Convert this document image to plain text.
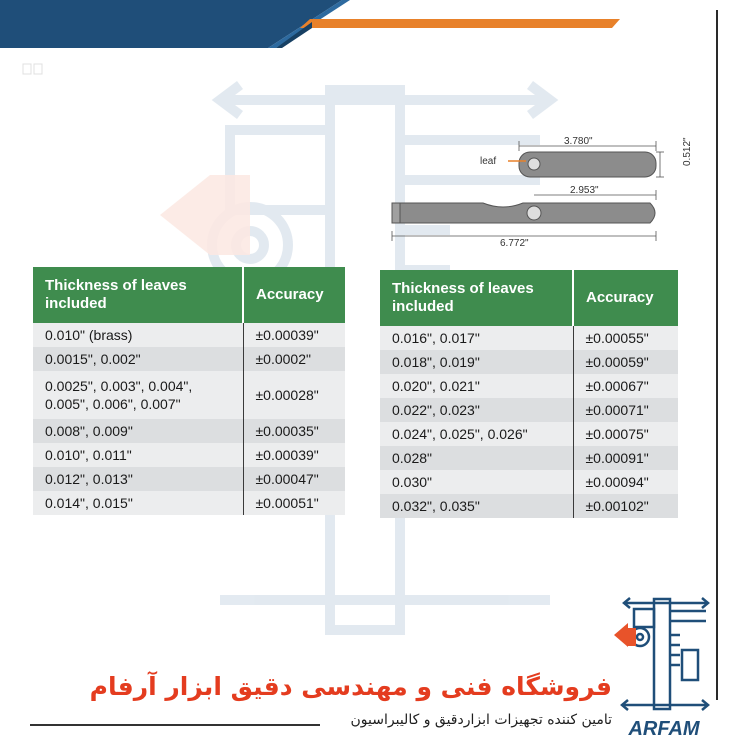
3.780"
leaf	0.512"
2.953"
6.772"
Thickness of leaves included	Accuracy
0.010" (brass)	±0.00039"
0.0015", 0.002"	±0.0002"
0.0025", 0.003", 0.004", 0.005", 0.006", 0.007"	±0.00028"
0.008", 0.009"	±0.00035"
0.010", 0.011"	±0.00039"
0.012", 0.013"	±0.00047"
0.014", 0.015"	±0.00051"
Thickness of leaves included	Accuracy
0.016", 0.017"	±0.00055"
0.018", 0.019"	±0.00059"
0.020", 0.021"	±0.00067"
0.022", 0.023"	±0.00071"
0.024", 0.025", 0.026"	±0.00075"
0.028"	±0.00091"
0.030"	±0.00094"
0.032", 0.035"	±0.00102"
ARFAM
فروشگاه فنی و مهندسی دقیق ابزار آرفام
تامین کننده تجهیزات ابزاردقیق و کالیبراسیون
